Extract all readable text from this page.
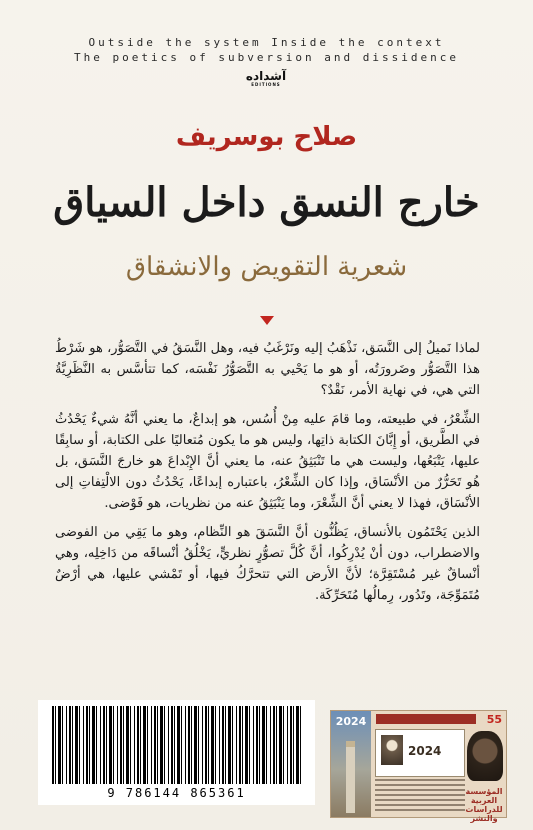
Outside the system Inside the context
The poetics of subversion and dissidence
آشداده
EDITIONS
صلاح بوسريف
خارج النسق داخل السياق
شعرية التقويض والانشقاق

لماذا نَميلُ إلى النَّسَق، نَذْهَبُ إليه ونَرْغَبُ فيه، وهل النَّسَقُ في التَّصَوُّر، هو شَرْطُ هذا التَّصَوُّر وضَرورَتُه، أو هو ما يَحْيي به التَّصَوُّرُ نَفْسَه، كما تتأسَّس به النَّظَرِيَّةُ التي هي، في نهاية الأمر، نَقْدٌ؟

الشِّعْرُ، في طبيعته، وما قامَ عليه مِنْ أُسُس، هو إبداعٌ، ما يعني أنَّهُ شيءٌ يَحْدُثُ في الطَّريق، أو إِبَّانَ الكتابة ذاتِها، وليس هو ما يكون مُتعاليًا على الكتابة، أو سابِقًا عليها، يَتْبَعُها، وليست هي ما تَنْبَثِقُ عنه، ما يعني أنَّ الإِبْداعَ هو خارجَ النَّسَق، بل هُو تَحَرُّرٌ من الأنْسَاق، وإذا كان الشِّعْرُ، باعتباره إبداعًا، يَحْدُثُ دون الالْتِفاتِ إلى الأنْسَاق، فهذا لا يعني أنَّ الشِّعْرَ، وما يَنْبَثِقُ عنه من نظريات، هو فَوْضى.

الذين يَحْتَمُون بالأنساق، يَظُنُّون أنَّ النَّسَقَ هو النِّظام، وهو ما يَقِي من الفوضى والاضطراب، دون أنْ يُدْرِكُوا، أنَّ كُلَّ تصوُّرٍ نظريٍّ، يَخْلُقُ أنْساقَه من دَاخِلِه، وهي أنْساقٌ غير مُسْتَقِرَّة؛ لأنَّ الأرض التي تتحرَّكُ فيها، أو تَمْشي عليها، هي أرْضٌ مُتَمَوِّجَة، وتَدُور، رِمالُها مُتَحَرِّكَة.

9 786144 865361
2024	55
2024
المؤسسة العربية للدراسات والنشر
